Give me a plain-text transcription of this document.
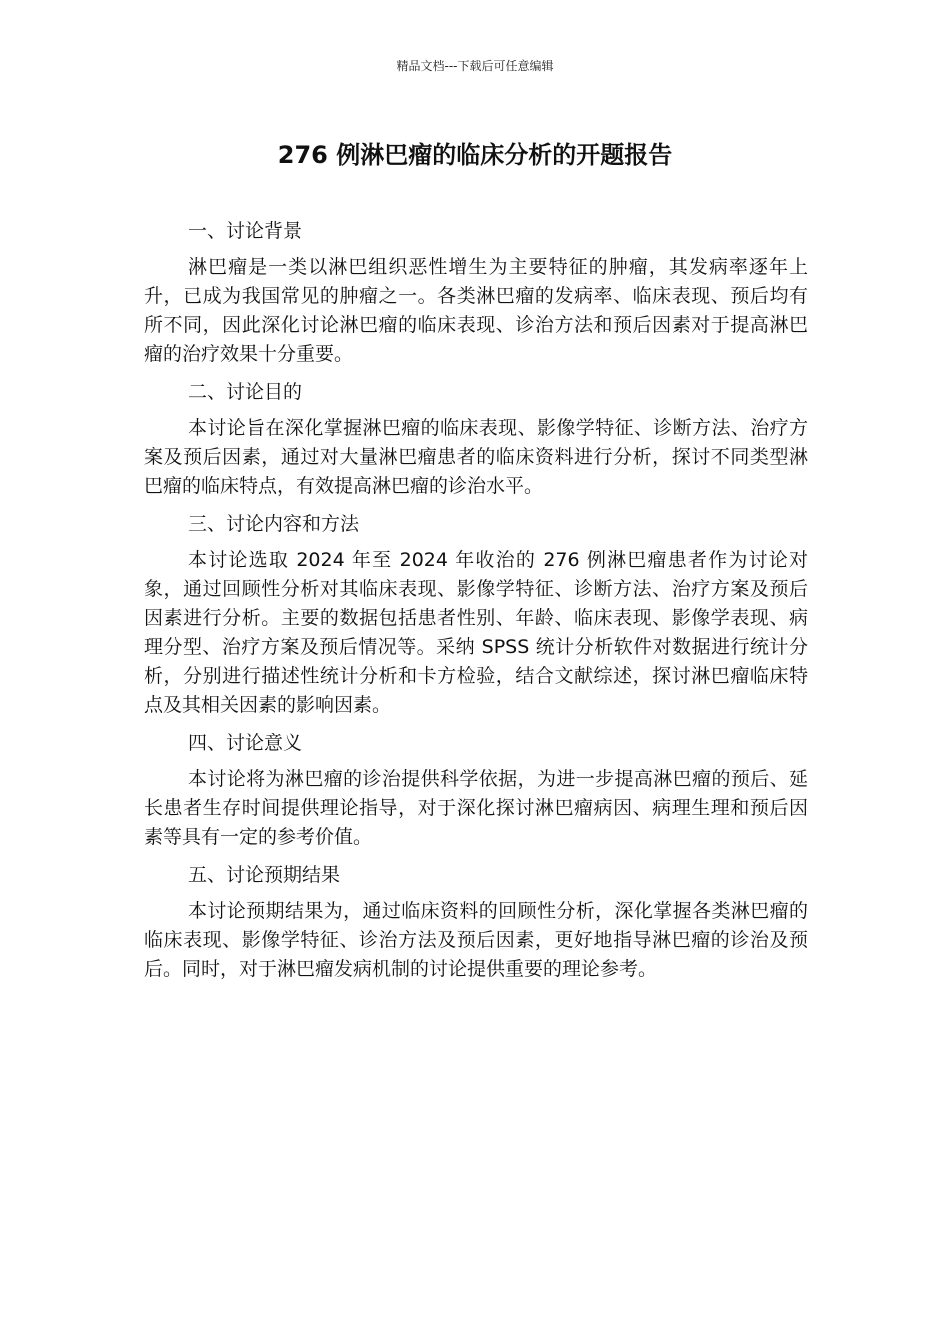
精品文档---下载后可任意编辑
276 例淋巴瘤的临床分析的开题报告
一、讨论背景

淋巴瘤是一类以淋巴组织恶性增生为主要特征的肿瘤，其发病率逐年上升，已成为我国常见的肿瘤之一。各类淋巴瘤的发病率、临床表现、预后均有所不同，因此深化讨论淋巴瘤的临床表现、诊治方法和预后因素对于提高淋巴瘤的治疗效果十分重要。

二、讨论目的

本讨论旨在深化掌握淋巴瘤的临床表现、影像学特征、诊断方法、治疗方案及预后因素，通过对大量淋巴瘤患者的临床资料进行分析，探讨不同类型淋巴瘤的临床特点，有效提高淋巴瘤的诊治水平。

三、讨论内容和方法

本讨论选取 2024 年至 2024 年收治的 276 例淋巴瘤患者作为讨论对象，通过回顾性分析对其临床表现、影像学特征、诊断方法、治疗方案及预后因素进行分析。主要的数据包括患者性别、年龄、临床表现、影像学表现、病理分型、治疗方案及预后情况等。采纳 SPSS 统计分析软件对数据进行统计分析，分别进行描述性统计分析和卡方检验，结合文献综述，探讨淋巴瘤临床特点及其相关因素的影响因素。

四、讨论意义

本讨论将为淋巴瘤的诊治提供科学依据，为进一步提高淋巴瘤的预后、延长患者生存时间提供理论指导，对于深化探讨淋巴瘤病因、病理生理和预后因素等具有一定的参考价值。

五、讨论预期结果

本讨论预期结果为，通过临床资料的回顾性分析，深化掌握各类淋巴瘤的临床表现、影像学特征、诊治方法及预后因素，更好地指导淋巴瘤的诊治及预后。同时，对于淋巴瘤发病机制的讨论提供重要的理论参考。
